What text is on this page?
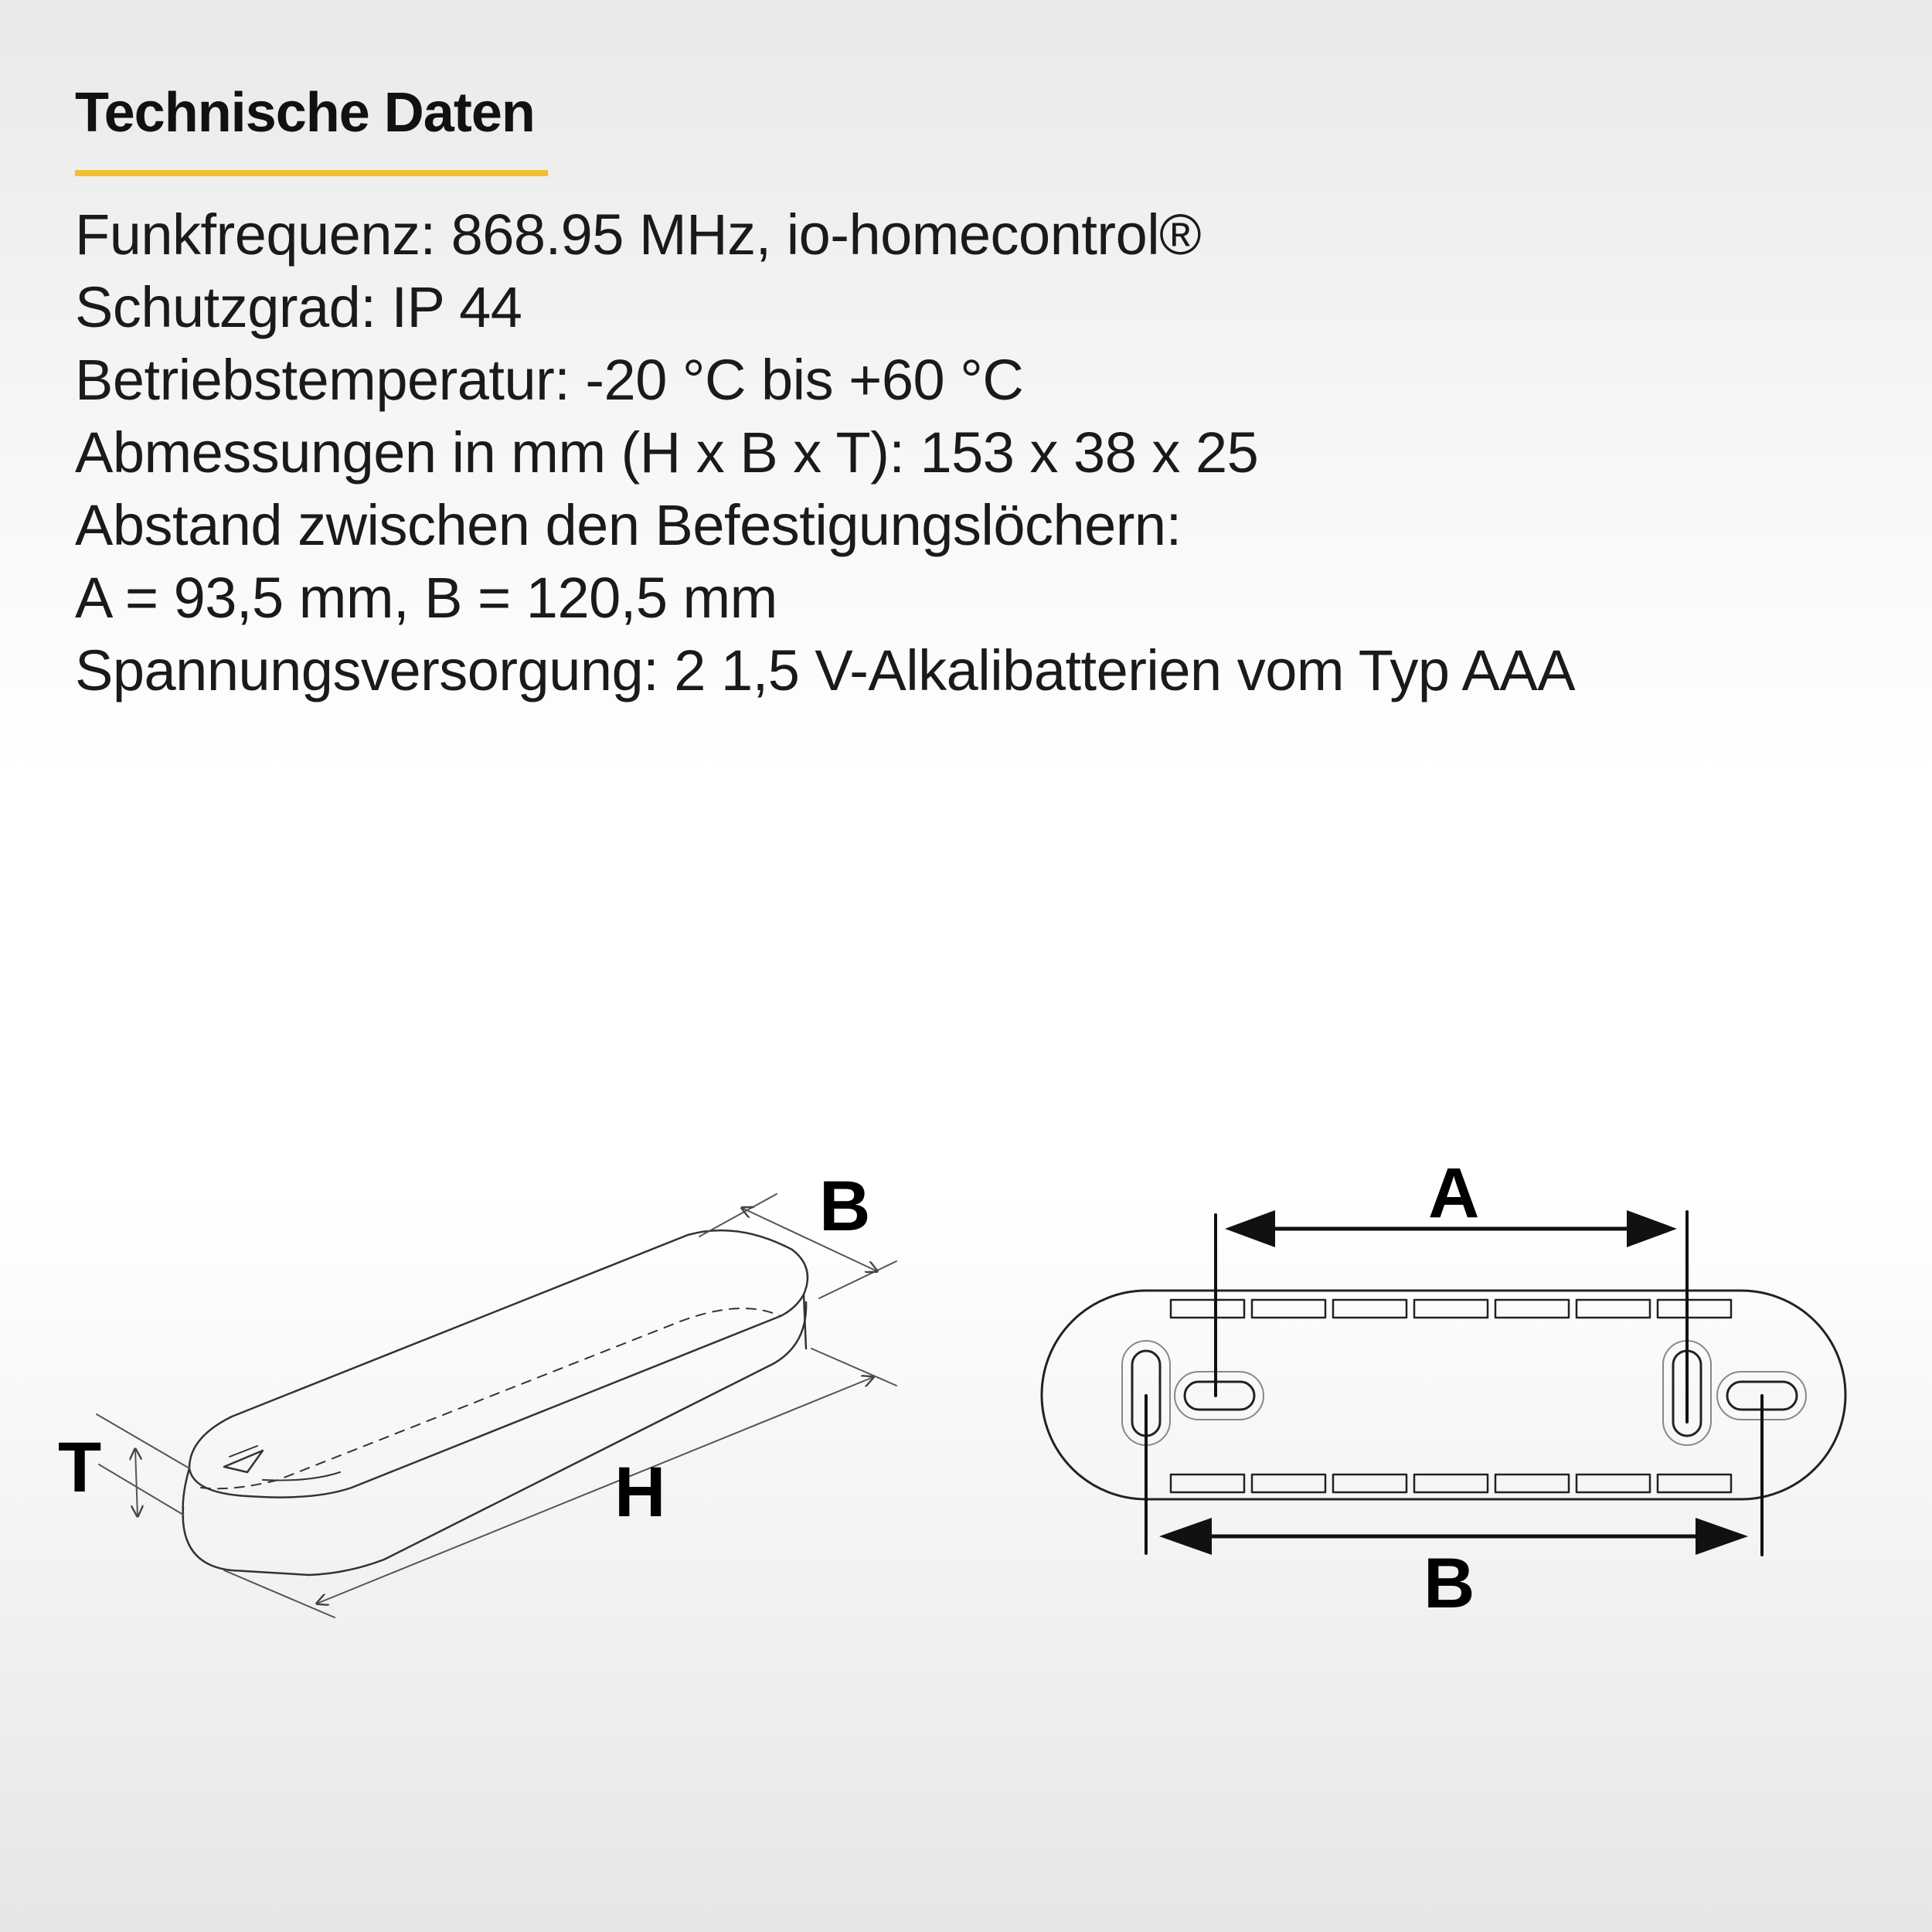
Technische Daten
Funkfrequenz: 868.95 MHz, io-homecontrol®
Schutzgrad: IP 44
Betriebstemperatur: -20 °C bis +60 °C
Abmessungen in mm (H x B x T): 153 x 38 x 25
Abstand zwischen den Befestigungslöchern:
A = 93,5 mm, B = 120,5 mm
Spannungsversorgung: 2 1,5 V-Alkalibatterien vom Typ AAA
B
T	H
A
B
